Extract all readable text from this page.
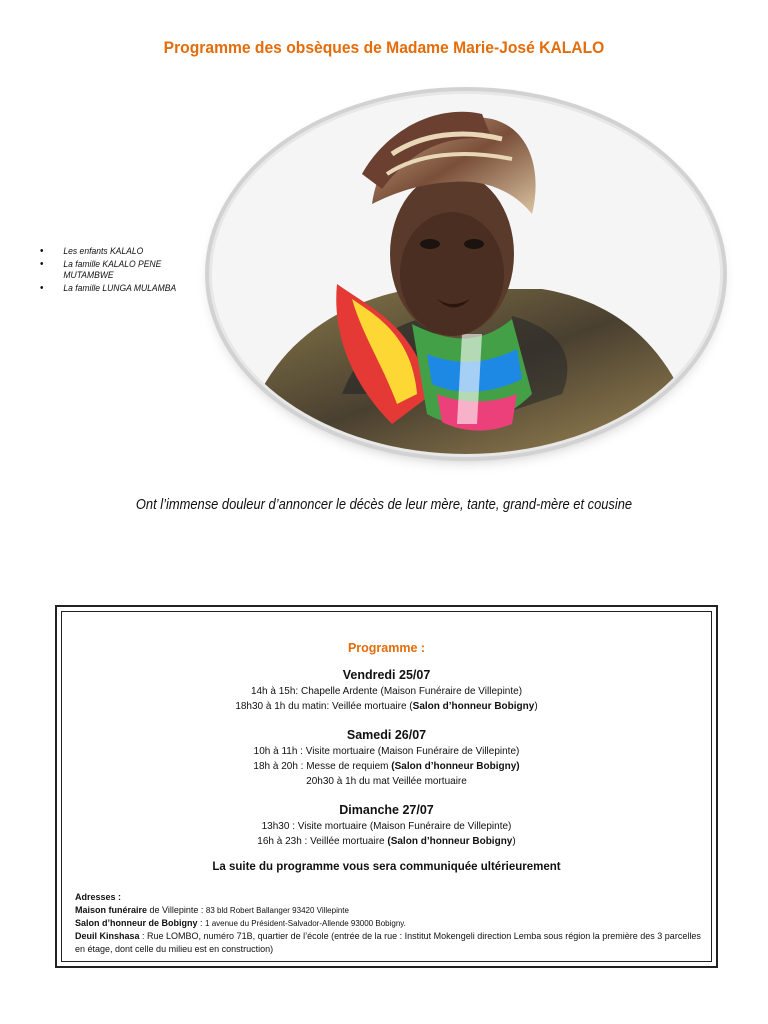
Programme des obsèques de Madame Marie-José KALALO
• Les enfants KALALO
• La famille KALALO PENE MUTAMBWE
• La famille LUNGA MULAMBA
Ont l’immense douleur d’annoncer le décès de leur mère, tante, grand-mère et cousine
Programme :
Vendredi 25/07
14h à 15h: Chapelle Ardente (Maison Funéraire de Villepinte)
18h30 à 1h du matin: Veillée mortuaire (Salon d’honneur Bobigny)
Samedi 26/07
10h à 11h : Visite mortuaire (Maison Funéraire de Villepinte)
18h à 20h : Messe de requiem (Salon d’honneur Bobigny)
20h30 à 1h du mat Veillée mortuaire
Dimanche 27/07
13h30 : Visite mortuaire (Maison Funéraire de Villepinte)
16h à 23h : Veillée mortuaire (Salon d’honneur Bobigny)
La suite du programme vous sera communiquée ultérieurement
Adresses :
Maison funéraire de Villepinte : 83 bld Robert Ballanger 93420 Villepinte
Salon d’honneur de Bobigny : 1 avenue du Président-Salvador-Allende 93000 Bobigny.
Deuil Kinshasa : Rue LOMBO, numéro 71B, quartier de l’école (entrée de la rue : Institut Mokengeli direction Lemba sous région la première des 3 parcelles en étage, dont celle du milieu est en construction)
